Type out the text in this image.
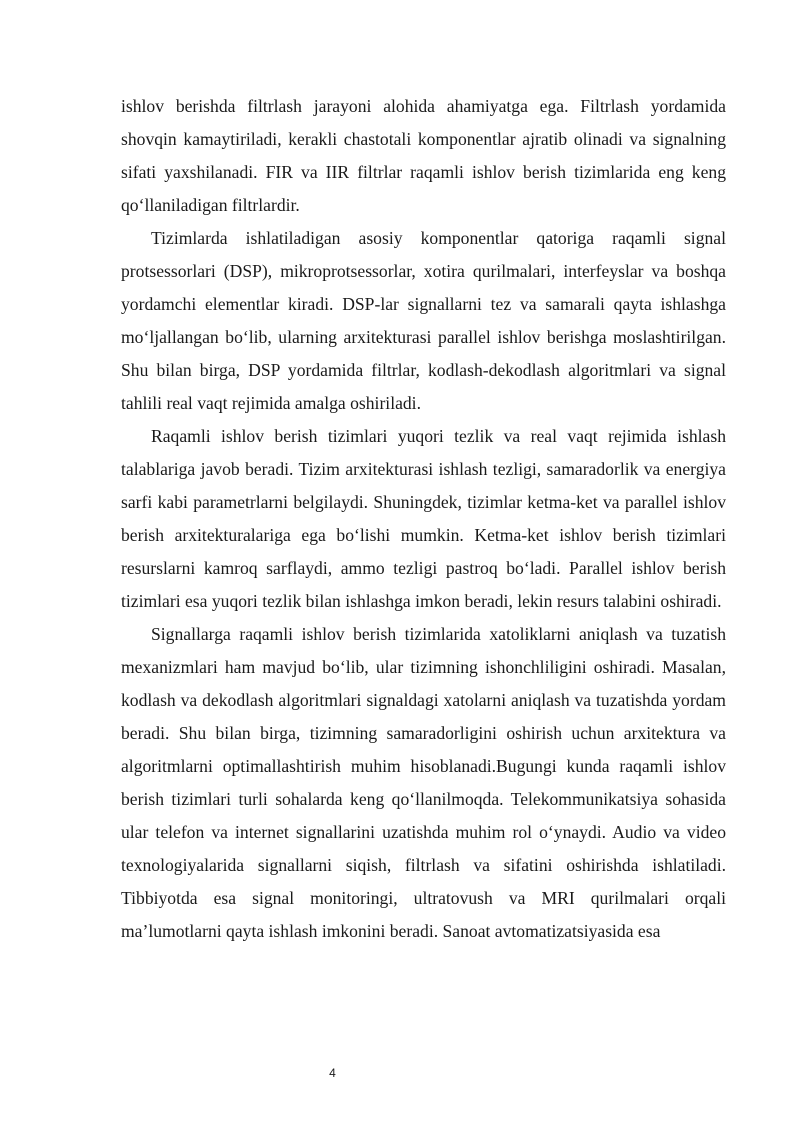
ishlov berishda filtrlash jarayoni alohida ahamiyatga ega. Filtrlash yordamida shovqin kamaytiriladi, kerakli chastotali komponentlar ajratib olinadi va signalning sifati yaxshilanadi. FIR va IIR filtrlar raqamli ishlov berish tizimlarida eng keng qo‘llaniladigan filtrlardir.

Tizimlarda ishlatiladigan asosiy komponentlar qatoriga raqamli signal protsessorlari (DSP), mikroprotsessorlar, xotira qurilmalari, interfeyslar va boshqa yordamchi elementlar kiradi. DSP-lar signallarni tez va samarali qayta ishlashga mo‘ljallangan bo‘lib, ularning arxitekturasi parallel ishlov berishga moslashtirilgan. Shu bilan birga, DSP yordamida filtrlar, kodlash-dekodlash algoritmlari va signal tahlili real vaqt rejimida amalga oshiriladi.

Raqamli ishlov berish tizimlari yuqori tezlik va real vaqt rejimida ishlash talablariga javob beradi. Tizim arxitekturasi ishlash tezligi, samaradorlik va energiya sarfi kabi parametrlarni belgilaydi. Shuningdek, tizimlar ketma-ket va parallel ishlov berish arxitekturalariga ega bo‘lishi mumkin. Ketma-ket ishlov berish tizimlari resurslarni kamroq sarflaydi, ammo tezligi pastroq bo‘ladi. Parallel ishlov berish tizimlari esa yuqori tezlik bilan ishlashga imkon beradi, lekin resurs talabini oshiradi.

Signallarga raqamli ishlov berish tizimlarida xatoliklarni aniqlash va tuzatish mexanizmlari ham mavjud bo‘lib, ular tizimning ishonchliligini oshiradi. Masalan, kodlash va dekodlash algoritmlari signaldagi xatolarni aniqlash va tuzatishda yordam beradi. Shu bilan birga, tizimning samaradorligini oshirish uchun arxitektura va algoritmlarni optimallashtirish muhim hisoblanadi.Bugungi kunda raqamli ishlov berish tizimlari turli sohalarda keng qo‘llanilmoqda. Telekommunikatsiya sohasida ular telefon va internet signallarini uzatishda muhim rol o‘ynaydi. Audio va video texnologiyalarida signallarni siqish, filtrlash va sifatini oshirishda ishlatiladi. Tibbiyotda esa signal monitoringi, ultratovush va MRI qurilmalari orqali ma’lumotlarni qayta ishlash imkonini beradi. Sanoat avtomatizatsiyasida esa

4
